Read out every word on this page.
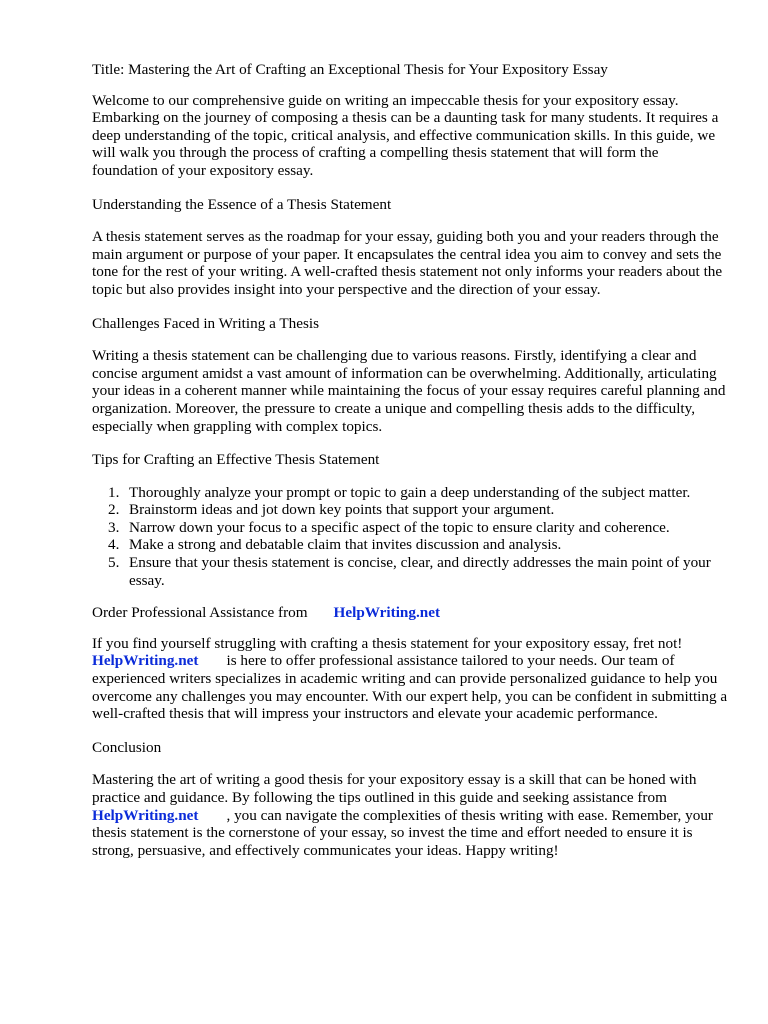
Title: Mastering the Art of Crafting an Exceptional Thesis for Your Expository Essay

Welcome to our comprehensive guide on writing an impeccable thesis for your expository essay. Embarking on the journey of composing a thesis can be a daunting task for many students. It requires a deep understanding of the topic, critical analysis, and effective communication skills. In this guide, we will walk you through the process of crafting a compelling thesis statement that will form the foundation of your expository essay.

Understanding the Essence of a Thesis Statement

A thesis statement serves as the roadmap for your essay, guiding both you and your readers through the main argument or purpose of your paper. It encapsulates the central idea you aim to convey and sets the tone for the rest of your writing. A well-crafted thesis statement not only informs your readers about the topic but also provides insight into your perspective and the direction of your essay.

Challenges Faced in Writing a Thesis

Writing a thesis statement can be challenging due to various reasons. Firstly, identifying a clear and concise argument amidst a vast amount of information can be overwhelming. Additionally, articulating your ideas in a coherent manner while maintaining the focus of your essay requires careful planning and organization. Moreover, the pressure to create a unique and compelling thesis adds to the difficulty, especially when grappling with complex topics.

Tips for Crafting an Effective Thesis Statement

1. Thoroughly analyze your prompt or topic to gain a deep understanding of the subject matter.
2. Brainstorm ideas and jot down key points that support your argument.
3. Narrow down your focus to a specific aspect of the topic to ensure clarity and coherence.
4. Make a strong and debatable claim that invites discussion and analysis.
5. Ensure that your thesis statement is concise, clear, and directly addresses the main point of your essay.

Order Professional Assistance from HelpWriting.net

If you find yourself struggling with crafting a thesis statement for your expository essay, fret not!
HelpWriting.net is here to offer professional assistance tailored to your needs. Our team of experienced writers specializes in academic writing and can provide personalized guidance to help you overcome any challenges you may encounter. With our expert help, you can be confident in submitting a well-crafted thesis that will impress your instructors and elevate your academic performance.

Conclusion

Mastering the art of writing a good thesis for your expository essay is a skill that can be honed with practice and guidance. By following the tips outlined in this guide and seeking assistance from
HelpWriting.net , you can navigate the complexities of thesis writing with ease. Remember, your thesis statement is the cornerstone of your essay, so invest the time and effort needed to ensure it is strong, persuasive, and effectively communicates your ideas. Happy writing!
